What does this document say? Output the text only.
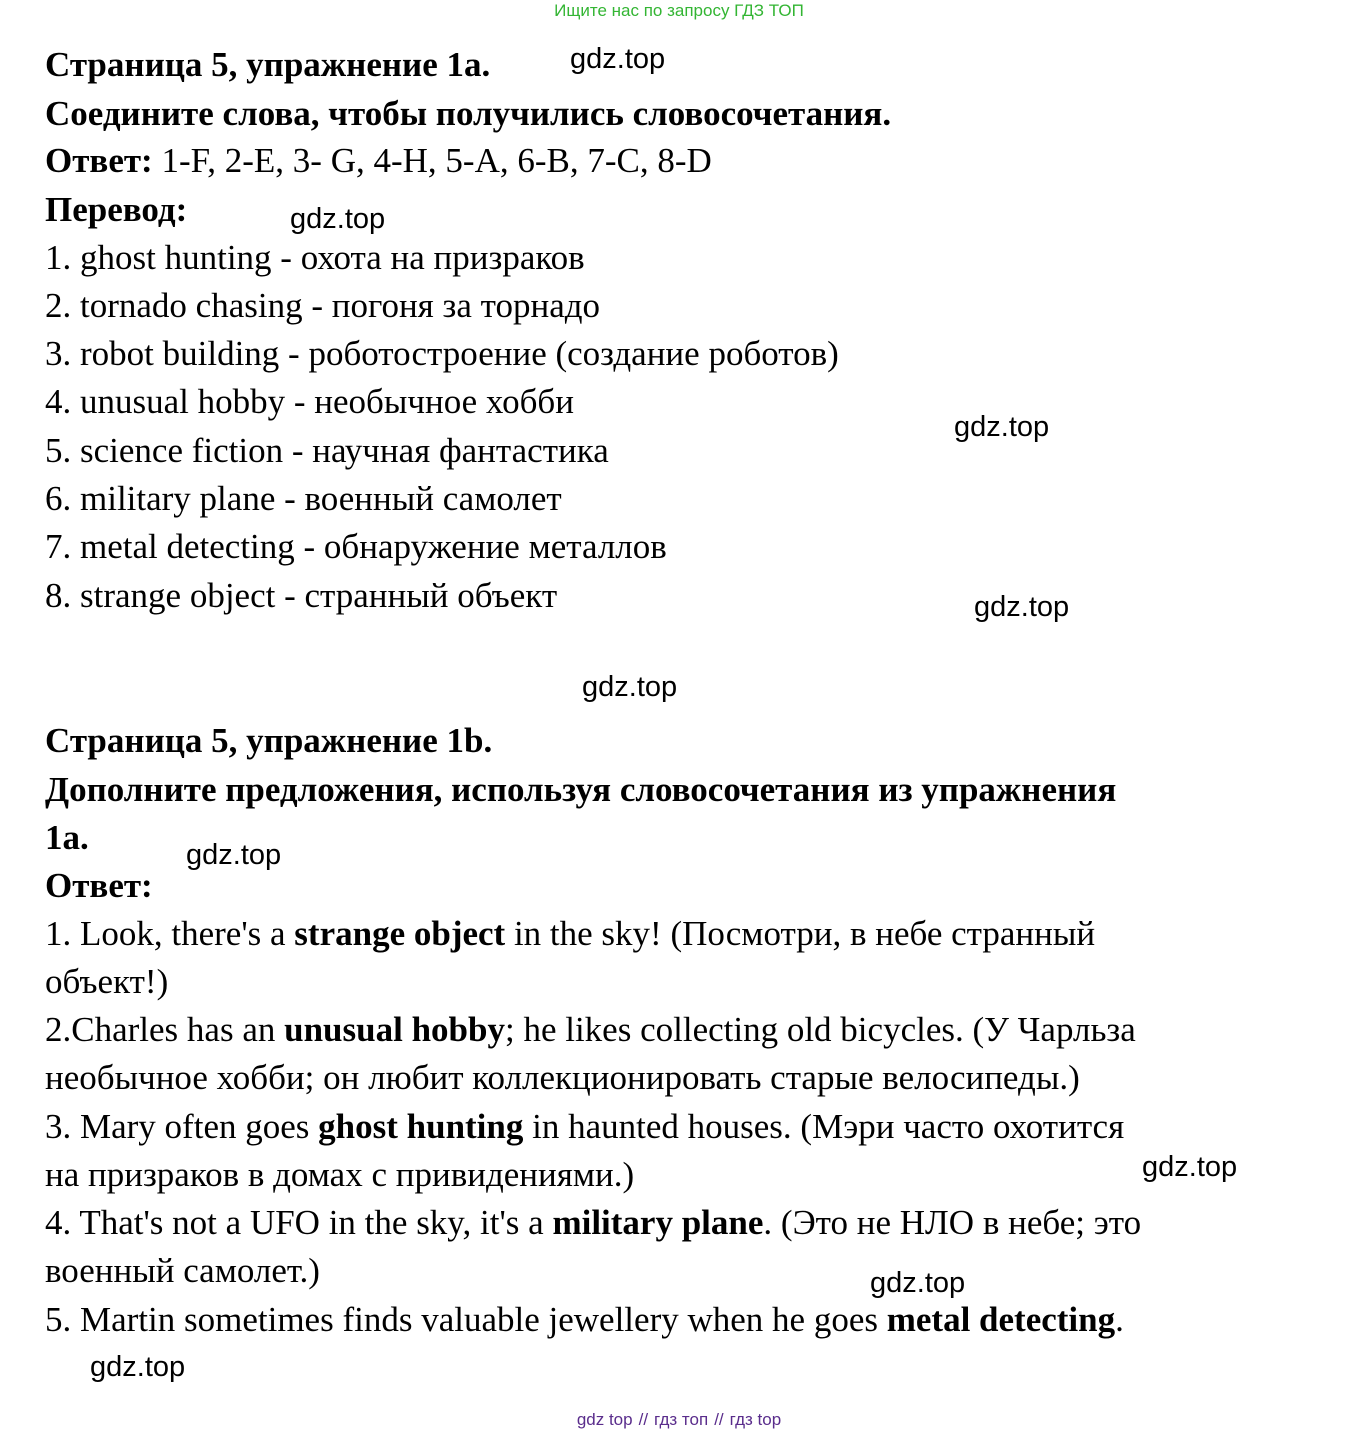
Ищите нас по запросу ГДЗ ТОП
Страница 5, упражнение 1a.
Соедините слова, чтобы получились словосочетания.
Ответ: 1-F, 2-E, 3- G, 4-H, 5-A, 6-B, 7-C, 8-D
Перевод:
1. ghost hunting - охота на призраков
2. tornado chasing - погоня за торнадо
3. robot building - роботостроение (создание роботов)
4. unusual hobby - необычное хобби
5. science fiction - научная фантастика
6. military plane - военный самолет
7. metal detecting - обнаружение металлов
8. strange object - странный объект
Страница 5, упражнение 1b.
Дополните предложения, используя словосочетания из упражнения
1a.
Ответ:
1. Look, there's a strange object in the sky! (Посмотри, в небе странный
объект!)
2.Charles has an unusual hobby; he likes collecting old bicycles. (У Чарльза
необычное хобби; он любит коллекционировать старые велосипеды.)
3. Mary often goes ghost hunting in haunted houses. (Мэри часто охотится
на призраков в домах с привидениями.)
4. That's not a UFO in the sky, it's a military plane. (Это не НЛО в небе; это
военный самолет.)
5. Martin sometimes finds valuable jewellery when he goes metal detecting.
gdz.top
gdz.top
gdz.top
gdz.top
gdz.top
gdz.top
gdz.top
gdz.top
gdz.top
gdz top // гдз топ // гдз top
